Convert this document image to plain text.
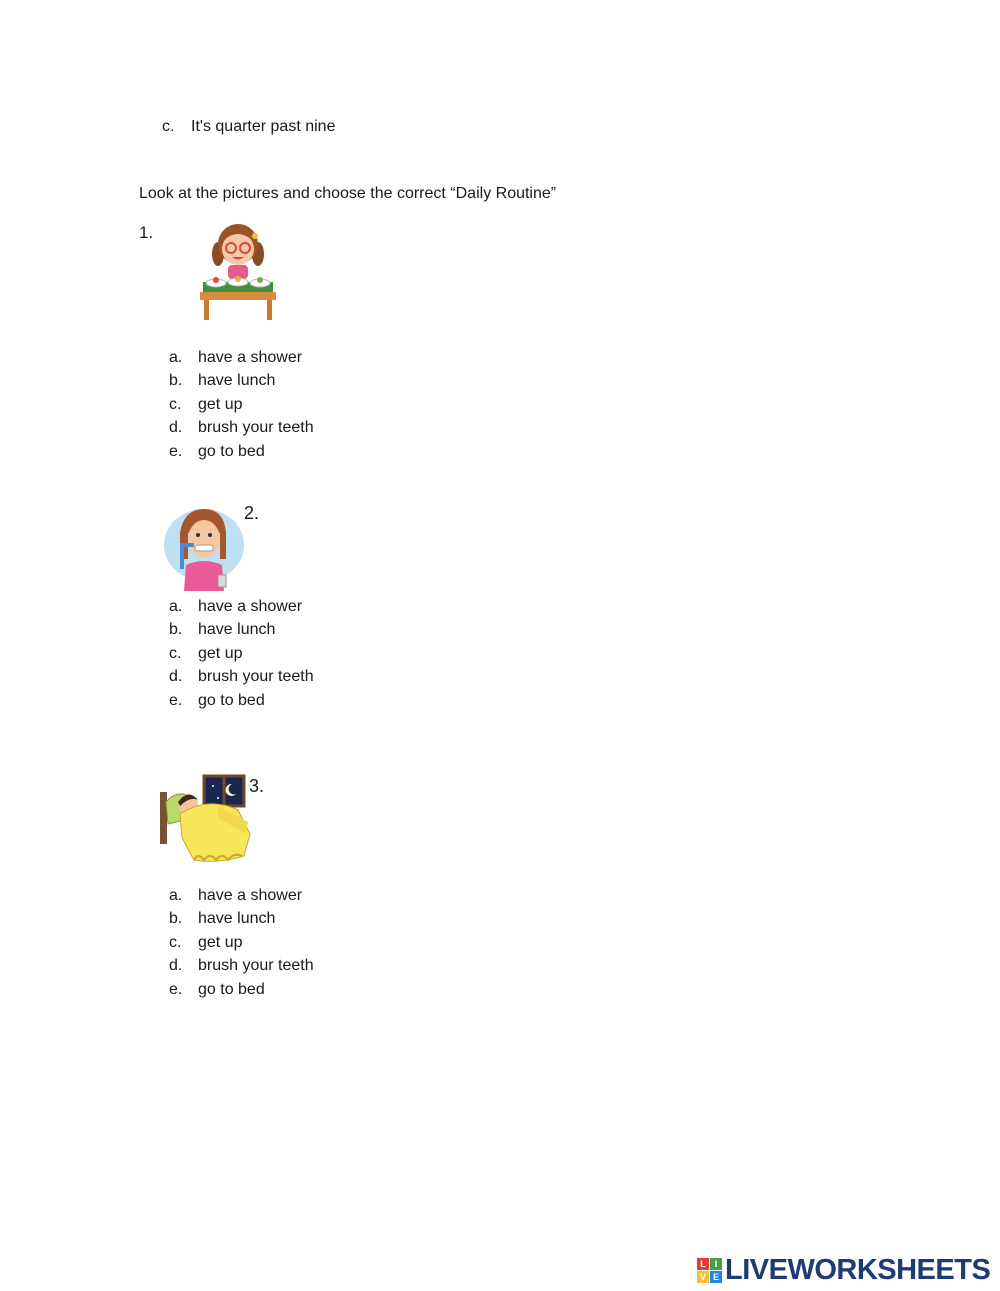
c. It's quarter past nine
Look at the pictures and choose the correct “Daily Routine”
1.
a. have a shower
b. have lunch
c. get up
d. brush your teeth
e. go to bed
2.
a. have a shower
b. have lunch
c. get up
d. brush your teeth
e. go to bed
3.
a. have a shower
b. have lunch
c. get up
d. brush your teeth
e. go to bed
L I
V E LIVEWORKSHEETS
